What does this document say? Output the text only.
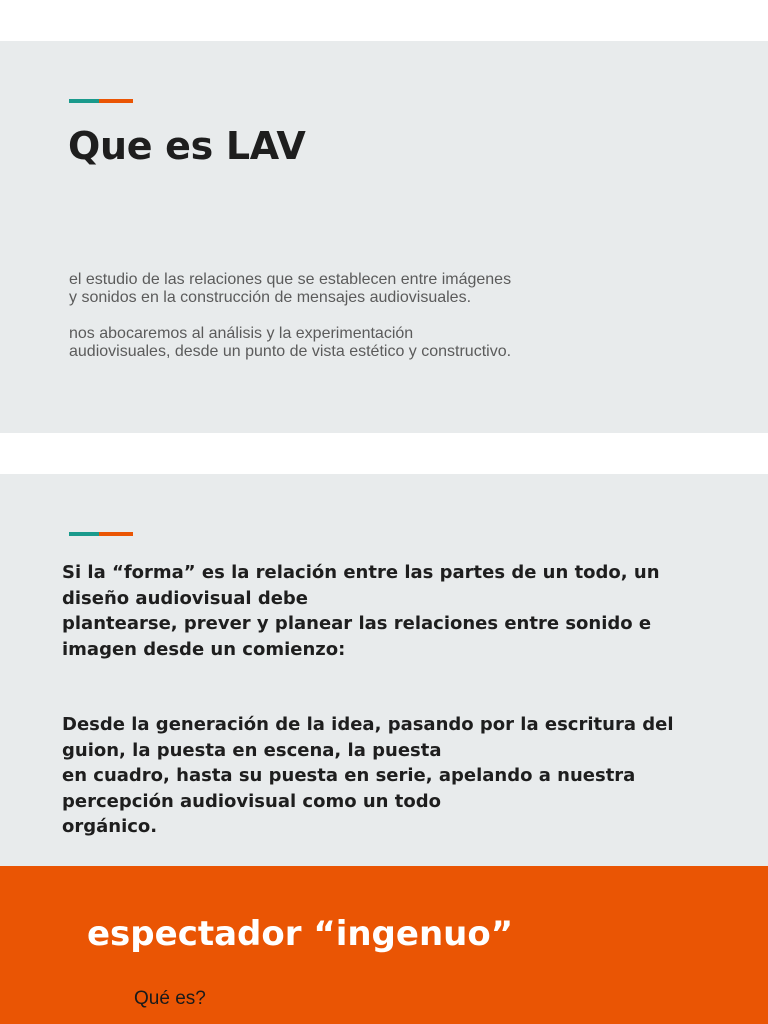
Que es LAV

el estudio de las relaciones que se establecen entre imágenes
y sonidos en la construcción de mensajes audiovisuales.

nos abocaremos al análisis y la experimentación
audiovisuales, desde un punto de vista estético y constructivo.

Si la “forma” es la relación entre las partes de un todo, un
diseño audiovisual debe
plantearse, prever y planear las relaciones entre sonido e
imagen desde un comienzo:

Desde la generación de la idea, pasando por la escritura del
guion, la puesta en escena, la puesta
en cuadro, hasta su puesta en serie, apelando a nuestra
percepción audiovisual como un todo
orgánico.

espectador “ingenuo”
Qué es?
